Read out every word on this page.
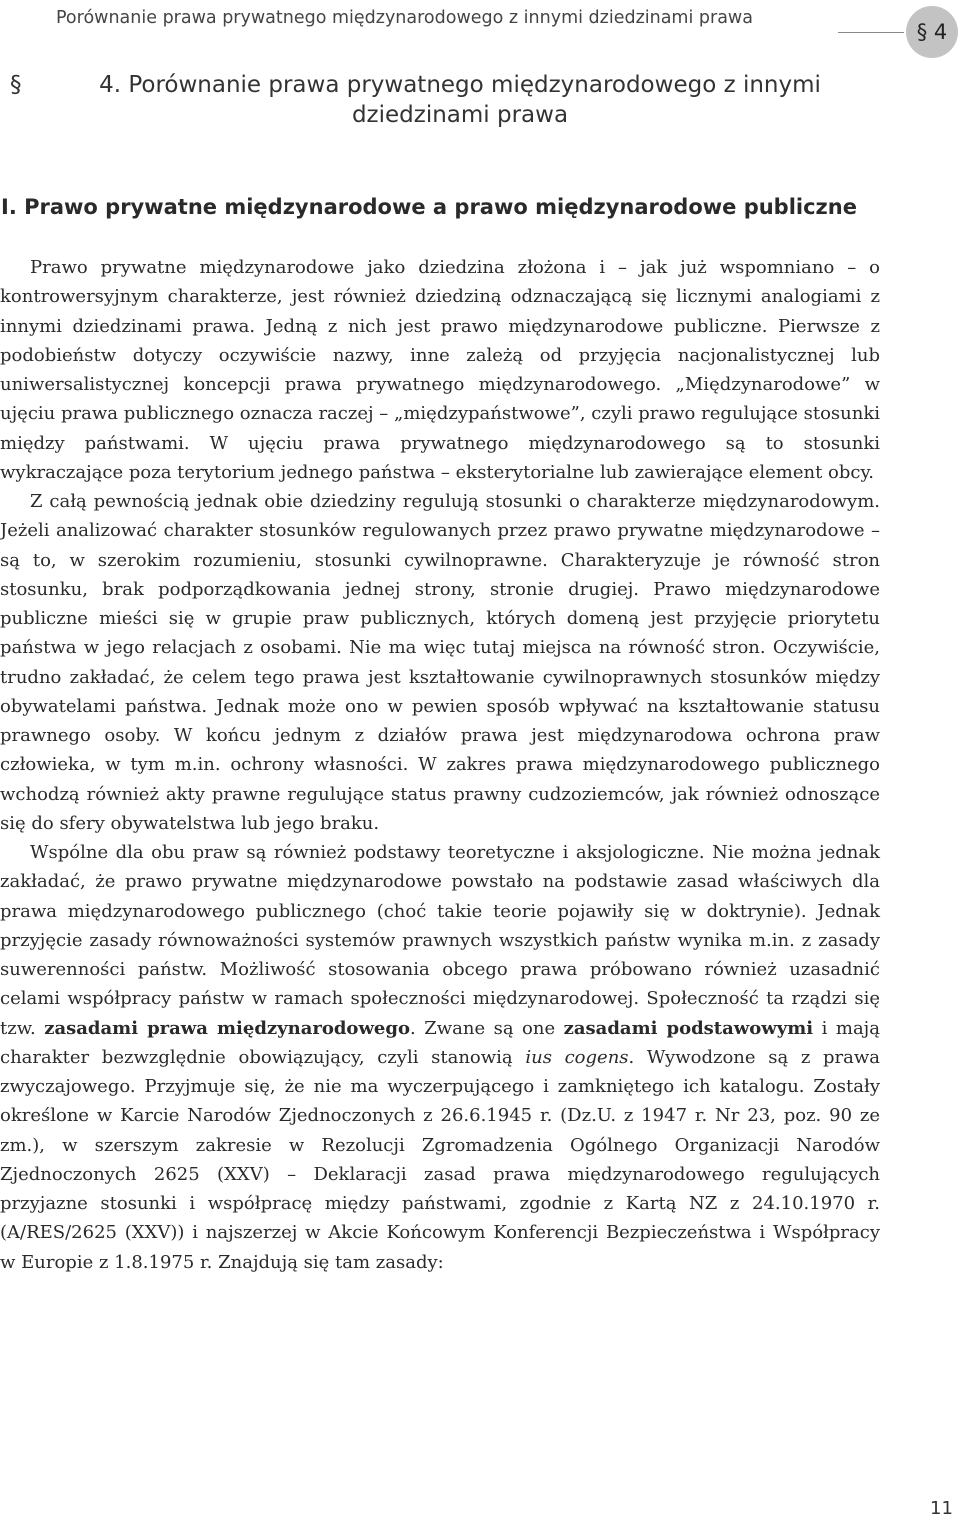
Porównanie prawa prywatnego międzynarodowego z innymi dziedzinami prawa
§ 4
§	4. Porównanie prawa prywatnego międzynarodowego z innymi
dziedzinami prawa
I. Prawo prywatne międzynarodowe a prawo międzynarodowe publiczne

Prawo prywatne międzynarodowe jako dziedzina złożona i – jak już wspomniano – o kontrowersyjnym charakterze, jest również dziedziną odznaczającą się licznymi analogiami z innymi dziedzinami prawa. Jedną z nich jest prawo międzynarodowe publiczne. Pierwsze z podobieństw dotyczy oczywiście nazwy, inne zależą od przyjęcia nacjonalistycznej lub uniwersalistycznej koncepcji prawa prywatnego międzynarodowego. „Międzynarodowe” w ujęciu prawa publicznego oznacza raczej – „międzypaństwowe”, czyli prawo regulujące stosunki między państwami. W ujęciu prawa prywatnego międzynarodowego są to stosunki wykraczające poza terytorium jednego państwa – eksterytorialne lub zawierające element obcy.

Z całą pewnością jednak obie dziedziny regulują stosunki o charakterze międzynarodowym. Jeżeli analizować charakter stosunków regulowanych przez prawo prywatne międzynarodowe – są to, w szerokim rozumieniu, stosunki cywilnoprawne. Charakteryzuje je równość stron stosunku, brak podporządkowania jednej strony, stronie drugiej. Prawo międzynarodowe publiczne mieści się w grupie praw publicznych, których domeną jest przyjęcie priorytetu państwa w jego relacjach z osobami. Nie ma więc tutaj miejsca na równość stron. Oczywiście, trudno zakładać, że celem tego prawa jest kształtowanie cywilnoprawnych stosunków między obywatelami państwa. Jednak może ono w pewien sposób wpływać na kształtowanie statusu prawnego osoby. W końcu jednym z działów prawa jest międzynarodowa ochrona praw człowieka, w tym m.in. ochrony własności. W zakres prawa międzynarodowego publicznego wchodzą również akty prawne regulujące status prawny cudzoziemców, jak również odnoszące się do sfery obywatelstwa lub jego braku.

Wspólne dla obu praw są również podstawy teoretyczne i aksjologiczne. Nie można jednak zakładać, że prawo prywatne międzynarodowe powstało na podstawie zasad właściwych dla prawa międzynarodowego publicznego (choć takie teorie pojawiły się w doktrynie). Jednak przyjęcie zasady równoważności systemów prawnych wszystkich państw wynika m.in. z zasady suwerenności państw. Możliwość stosowania obcego prawa próbowano również uzasadnić celami współpracy państw w ramach społeczności międzynarodowej. Społeczność ta rządzi się tzw. zasadami prawa międzynarodowego. Zwane są one zasadami podstawowymi i mają charakter bezwzględnie obowiązujący, czyli stanowią ius cogens. Wywodzone są z prawa zwyczajowego. Przyjmuje się, że nie ma wyczerpującego i zamkniętego ich katalogu. Zostały określone w Karcie Narodów Zjednoczonych z 26.6.1945 r. (Dz.U. z 1947 r. Nr 23, poz. 90 ze zm.), w szerszym zakresie w Rezolucji Zgromadzenia Ogólnego Organizacji Narodów Zjednoczonych 2625 (XXV) – Deklaracji zasad prawa międzynarodowego regulujących przyjazne stosunki i współpracę między państwami, zgodnie z Kartą NZ z 24.10.1970 r. (A/RES/2625 (XXV)) i najszerzej w Akcie Końcowym Konferencji Bezpieczeństwa i Współpracy w Europie z 1.8.1975 r. Znajdują się tam zasady:

11
